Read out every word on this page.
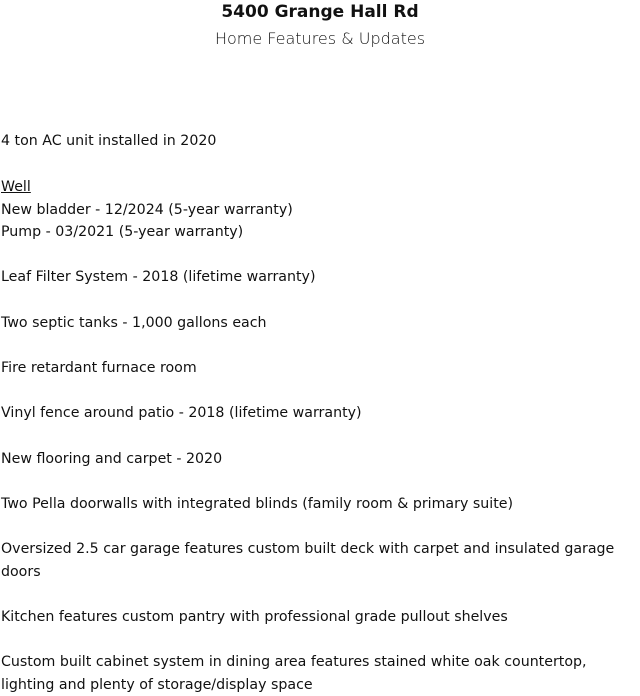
5400 Grange Hall Rd
Home Features & Updates
4 ton AC unit installed in 2020
Well
New bladder - 12/2024 (5-year warranty)
Pump - 03/2021 (5-year warranty)
Leaf Filter System - 2018 (lifetime warranty)
Two septic tanks - 1,000 gallons each
Fire retardant furnace room
Vinyl fence around patio - 2018 (lifetime warranty)
New flooring and carpet - 2020
Two Pella doorwalls with integrated blinds (family room & primary suite)
Oversized 2.5 car garage features custom built deck with carpet and insulated garage doors
Kitchen features custom pantry with professional grade pullout shelves
Custom built cabinet system in dining area features stained white oak countertop, lighting and plenty of storage/display space
